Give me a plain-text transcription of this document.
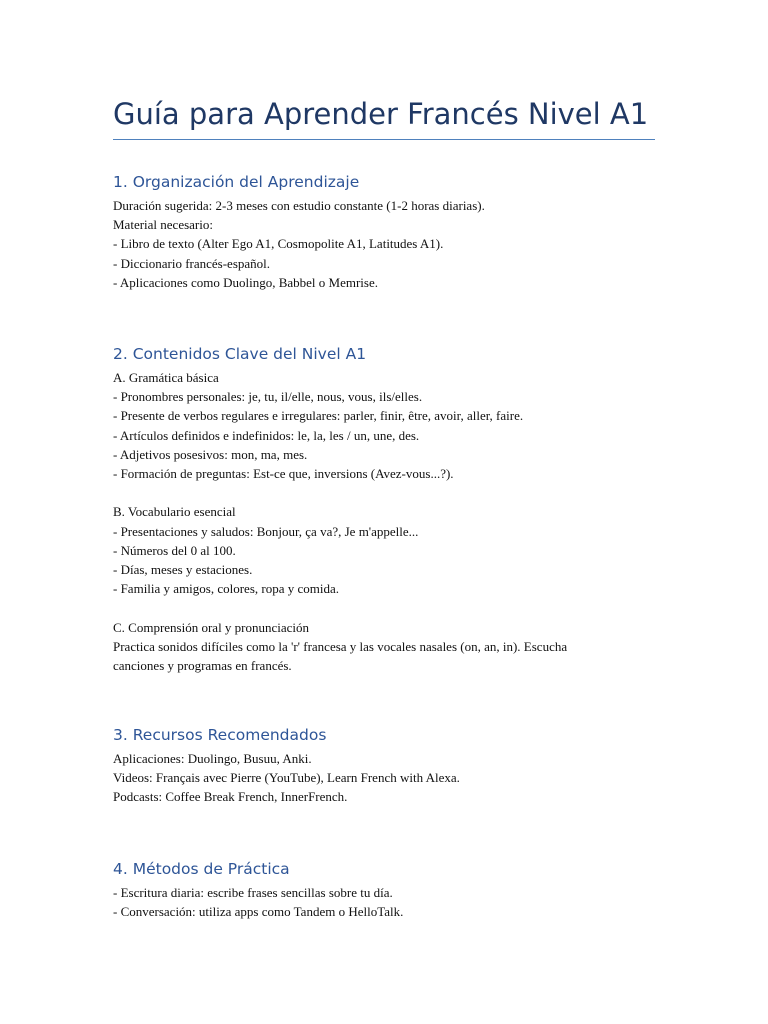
Guía para Aprender Francés Nivel A1
1. Organización del Aprendizaje

Duración sugerida: 2-3 meses con estudio constante (1-2 horas diarias).

Material necesario:

- Libro de texto (Alter Ego A1, Cosmopolite A1, Latitudes A1).

- Diccionario francés-español.

- Aplicaciones como Duolingo, Babbel o Memrise.

2. Contenidos Clave del Nivel A1

A. Gramática básica

- Pronombres personales: je, tu, il/elle, nous, vous, ils/elles.

- Presente de verbos regulares e irregulares: parler, finir, être, avoir, aller, faire.

- Artículos definidos e indefinidos: le, la, les / un, une, des.

- Adjetivos posesivos: mon, ma, mes.

- Formación de preguntas: Est-ce que, inversions (Avez-vous...?).

B. Vocabulario esencial

- Presentaciones y saludos: Bonjour, ça va?, Je m'appelle...

- Números del 0 al 100.

- Días, meses y estaciones.

- Familia y amigos, colores, ropa y comida.

C. Comprensión oral y pronunciación

Practica sonidos difíciles como la 'r' francesa y las vocales nasales (on, an, in). Escucha

canciones y programas en francés.

3. Recursos Recomendados

Aplicaciones: Duolingo, Busuu, Anki.

Videos: Français avec Pierre (YouTube), Learn French with Alexa.

Podcasts: Coffee Break French, InnerFrench.

4. Métodos de Práctica

- Escritura diaria: escribe frases sencillas sobre tu día.

- Conversación: utiliza apps como Tandem o HelloTalk.
